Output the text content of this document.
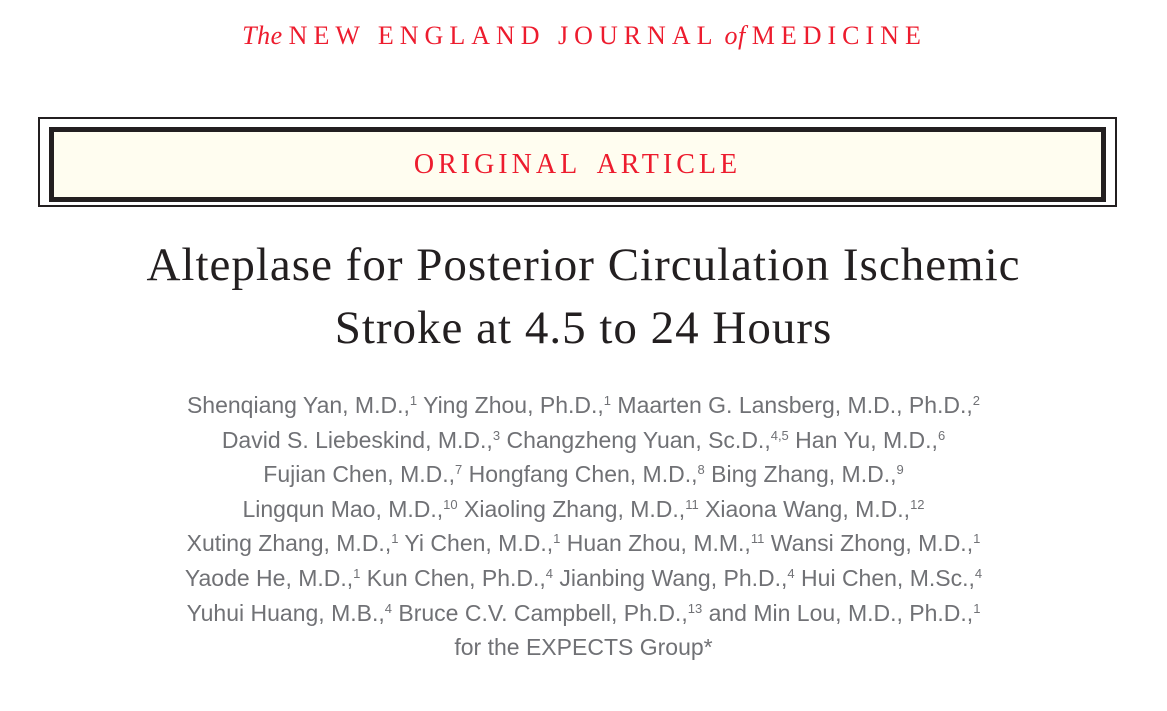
The NEW ENGLAND JOURNAL of MEDICINE
ORIGINAL ARTICLE
Alteplase for Posterior Circulation Ischemic
Stroke at 4.5 to 24 Hours
Shenqiang Yan, M.D.,$^1$ Ying Zhou, Ph.D.,$^1$ Maarten G. Lansberg, M.D., Ph.D.,$^2$
David S. Liebeskind, M.D.,$^3$ Changzheng Yuan, Sc.D.,$^{4,5}$ Han Yu, M.D.,$^6$
Fujian Chen, M.D.,$^7$ Hongfang Chen, M.D.,$^8$ Bing Zhang, M.D.,$^9$
Lingqun Mao, M.D.,$^{10}$ Xiaoling Zhang, M.D.,$^{11}$ Xiaona Wang, M.D.,$^{12}$
Xuting Zhang, M.D.,$^1$ Yi Chen, M.D.,$^1$ Huan Zhou, M.M.,$^{11}$ Wansi Zhong, M.D.,$^1$
Yaode He, M.D.,$^1$ Kun Chen, Ph.D.,$^4$ Jianbing Wang, Ph.D.,$^4$ Hui Chen, M.Sc.,$^4$
Yuhui Huang, M.B.,$^4$ Bruce C.V. Campbell, Ph.D.,$^{13}$ and Min Lou, M.D., Ph.D.,$^1$
for the EXPECTS Group*
